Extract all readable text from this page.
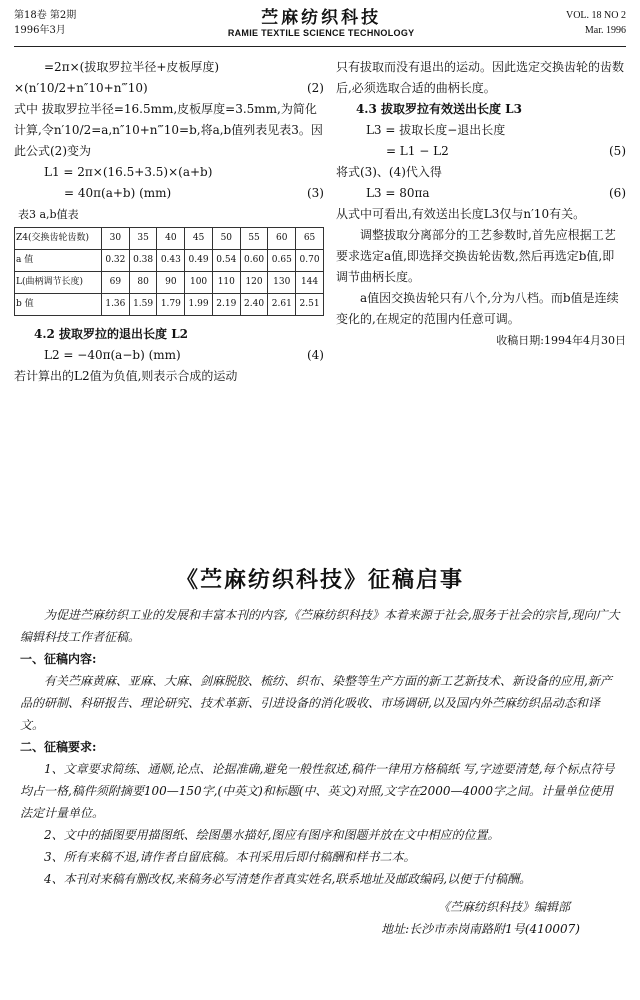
第18卷 第2期
1996年3月
苎麻纺织科技
RAMIE TEXTILE SCIENCE TECHNOLOGY
VOL. 18 NO 2
Mar. 1996
=2π×(拔取罗拉半径+皮板厚度)
×(n′10/2+n″10+n‴10)	(2)
式中 拔取罗拉半径=16.5mm,皮板厚度=3.5mm,为简化计算,令n′10/2=a,n″10+n‴10=b,将a,b值列表见表3。因此公式(2)变为
L1 = 2π×(16.5+3.5)×(a+b)
= 40π(a+b) (mm)	(3)
表3 a,b值表
Z4(交换齿轮齿数)	30	35	40	45	50	55	60	65
a 值	0.32	0.38	0.43	0.49	0.54	0.60	0.65	0.70
L(曲柄调节长度)	69	80	90	100	110	120	130	144
b 值	1.36	1.59	1.79	1.99	2.19	2.40	2.61	2.51
4.2 拔取罗拉的退出长度 L2
L2 = −40π(a−b) (mm)	(4)
若计算出的L2值为负值,则表示合成的运动
只有拔取而没有退出的运动。因此选定交换齿轮的齿数后,必须选取合适的曲柄长度。
4.3 拔取罗拉有效送出长度 L3
L3 = 拔取长度−退出长度
= L1 − L2	(5)
将式(3)、(4)代入得
L3 = 80πa	(6)
从式中可看出,有效送出长度L3仅与n′10有关。
调整拔取分离部分的工艺参数时,首先应根据工艺要求选定a值,即选择交换齿轮齿数,然后再选定b值,即调节曲柄长度。
a值因交换齿轮只有八个,分为八档。而b值是连续变化的,在规定的范围内任意可调。
收稿日期:1994年4月30日
《苎麻纺织科技》征稿启事
为促进苎麻纺织工业的发展和丰富本刊的内容,《苎麻纺织科技》本着来源于社会,服务于社会的宗旨,现向广大编辑科技工作者征稿。
一、征稿内容:
有关苎麻黄麻、亚麻、大麻、剑麻脱胶、梳纺、织布、染整等生产方面的新工艺新技术、新设备的应用,新产品的研制、科研报告、理论研究、技术革新、引进设备的消化吸收、市场调研,以及国内外苎麻纺织品动态和译文。
二、征稿要求:
1、文章要求简练、通顺,论点、论据准确,避免一般性叙述,稿件一律用方格稿纸 写,字迹要清楚,每个标点符号均占一格,稿件须附摘要100—150字,(中英文)和标题(中、英文)对照,文字在2000—4000字之间。计量单位使用法定计量单位。
2、文中的插图要用描图纸、绘图墨水描好,图应有图序和图题并放在文中相应的位置。
3、所有来稿不退,请作者自留底稿。本刊采用后即付稿酬和样书二本。
4、本刊对来稿有删改权,来稿务必写清楚作者真实姓名,联系地址及邮政编码,以便于付稿酬。
《苎麻纺织科技》编辑部
地址:长沙市赤岗南路附1号(410007)
